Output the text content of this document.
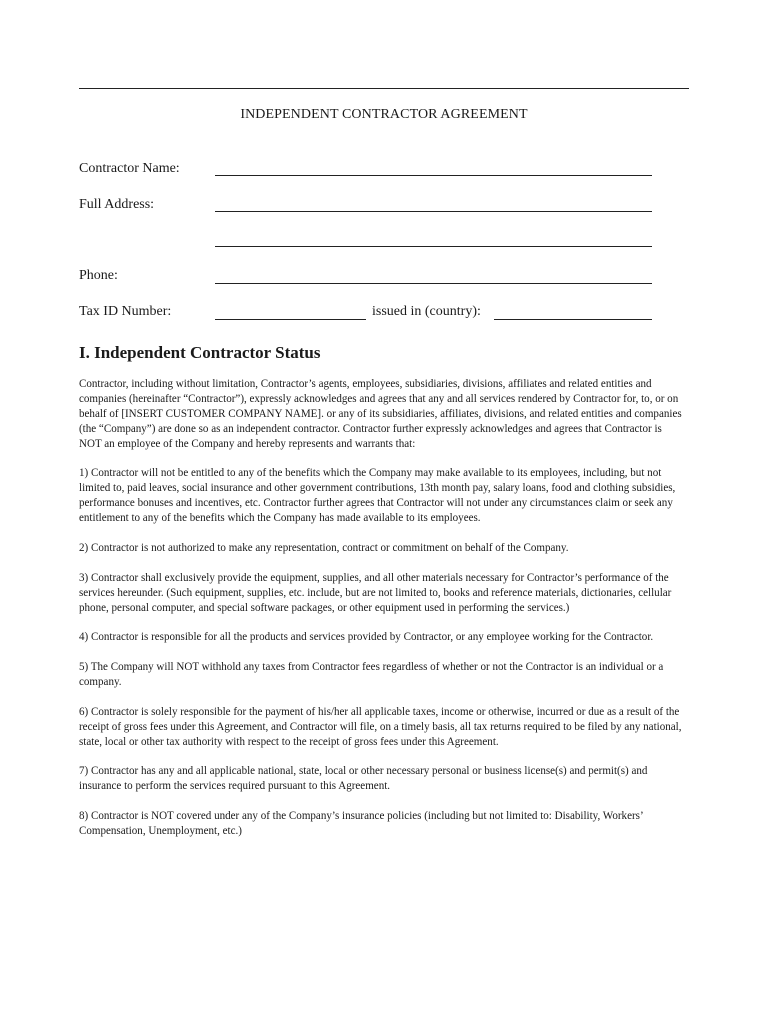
INDEPENDENT CONTRACTOR AGREEMENT
Contractor Name:
Full Address:
Phone:
Tax ID Number:	issued in (country):
I. Independent Contractor Status

Contractor, including without limitation, Contractor’s agents, employees, subsidiaries, divisions, affiliates and related entities and companies (hereinafter “Contractor”), expressly acknowledges and agrees that any and all services rendered by Contractor for, to, or on behalf of [INSERT CUSTOMER COMPANY NAME]. or any of its subsidiaries, affiliates, divisions, and related entities and companies (the “Company”) are done so as an independent contractor. Contractor further expressly acknowledges and agrees that Contractor is NOT an employee of the Company and hereby represents and warrants that:

1) Contractor will not be entitled to any of the benefits which the Company may make available to its employees, including, but not limited to, paid leaves, social insurance and other government contributions, 13th month pay, salary loans, food and clothing subsidies, performance bonuses and incentives, etc. Contractor further agrees that Contractor will not under any circumstances claim or seek any entitlement to any of the benefits which the Company has made available to its employees.

2) Contractor is not authorized to make any representation, contract or commitment on behalf of the Company.

3) Contractor shall exclusively provide the equipment, supplies, and all other materials necessary for Contractor’s performance of the services hereunder. (Such equipment, supplies, etc. include, but are not limited to, books and reference materials, dictionaries, cellular phone, personal computer, and special software packages, or other equipment used in performing the services.)

4) Contractor is responsible for all the products and services provided by Contractor, or any employee working for the Contractor.

5) The Company will NOT withhold any taxes from Contractor fees regardless of whether or not the Contractor is an individual or a company.

6) Contractor is solely responsible for the payment of his/her all applicable taxes, income or otherwise, incurred or due as a result of the receipt of gross fees under this Agreement, and Contractor will file, on a timely basis, all tax returns required to be filed by any national, state, local or other tax authority with respect to the receipt of gross fees under this Agreement.

7) Contractor has any and all applicable national, state, local or other necessary personal or business license(s) and permit(s) and insurance to perform the services required pursuant to this Agreement.

8) Contractor is NOT covered under any of the Company’s insurance policies (including but not limited to: Disability, Workers’ Compensation, Unemployment, etc.)
